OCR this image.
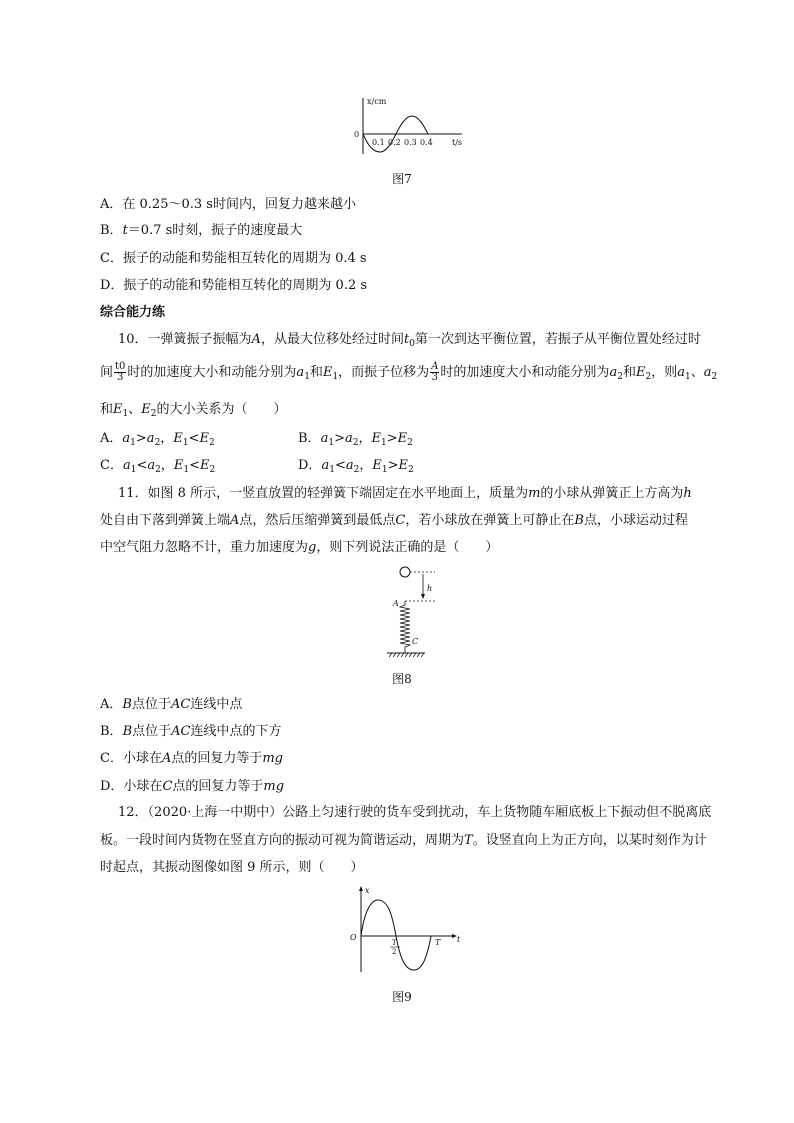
x/cm
0
0.1 0.2 0.3 0.4 t/s
图7
A．在 0.25～0.3 s时间内，回复力越来越小
B．t＝0.7 s时刻，振子的速度最大
C．振子的动能和势能相互转化的周期为 0.4 s
D．振子的动能和势能相互转化的周期为 0.2 s
综合能力练
10．一弹簧振子振幅为A，从最大位移处经过时间$t_0$第一次到达平衡位置，若振子从平衡位置处经过时
间 $\frac{t0}{3}$ 时的加速度大小和动能分别为$a_1$和$E_1$，而振子位移为 $\frac{A}{3}$ 时的加速度大小和动能分别为$a_2$和$E_2$，则$a_1$、$a_2$
和$E_1$、$E_2$的大小关系为（　　）
A．$a_1>a_2$，$E_1<E_2$	B．$a_1>a_2$，$E_1>E_2$
C．$a_1<a_2$，$E_1<E_2$	D．$a_1<a_2$，$E_1>E_2$
11．如图 8 所示，一竖直放置的轻弹簧下端固定在水平地面上，质量为m的小球从弹簧正上方高为h
处自由下落到弹簧上端A点，然后压缩弹簧到最低点C，若小球放在弹簧上可静止在B点，小球运动过程
中空气阻力忽略不计，重力加速度为g，则下列说法正确的是（　　）
h
A
C
图8
A．B点位于AC连线中点
B．B点位于AC连线中点的下方
C．小球在A点的回复力等于mg
D．小球在C点的回复力等于mg
12．（2020·上海一中期中）公路上匀速行驶的货车受到扰动，车上货物随车厢底板上下振动但不脱离底
板。一段时间内货物在竖直方向的振动可视为简谐运动，周期为T。设竖直向上为正方向，以某时刻作为计
时起点，其振动图像如图 9 所示，则（　　）
x
O
T
2
T t
图9
